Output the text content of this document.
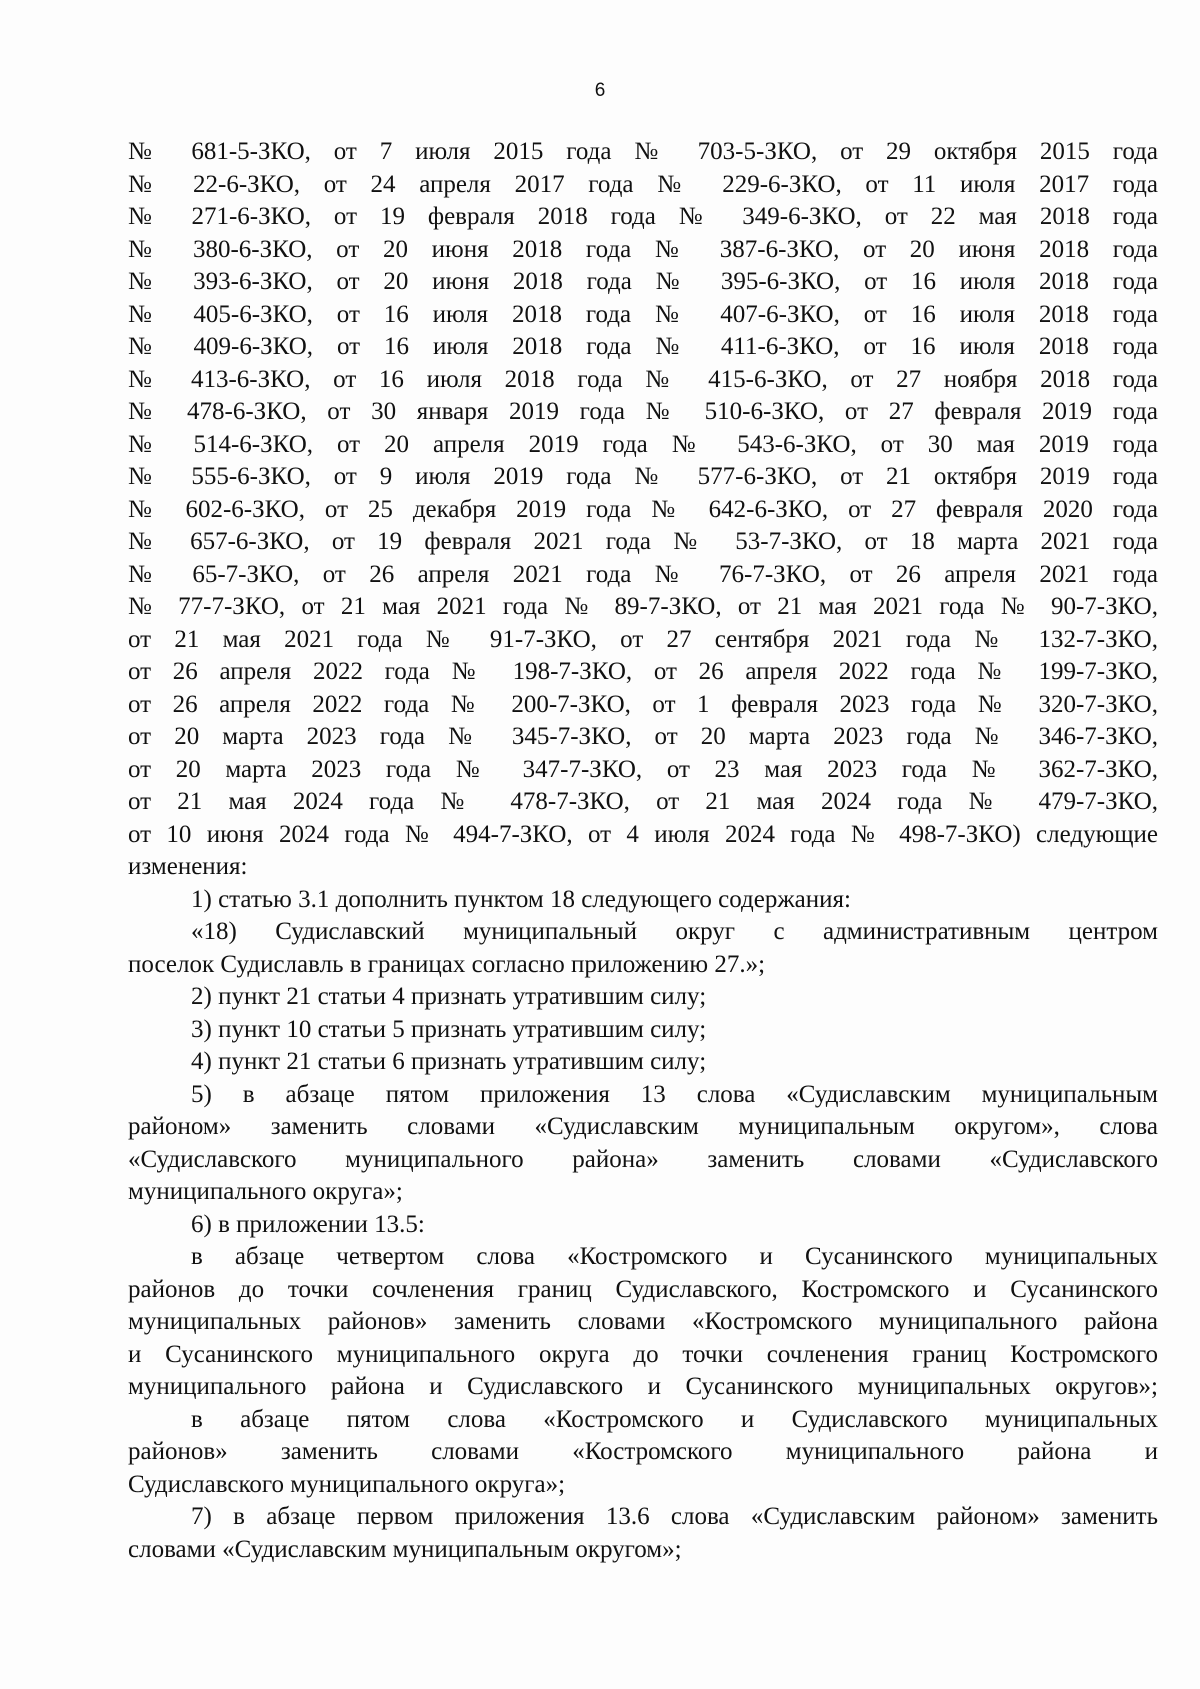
6
№ 681-5-ЗКО, от 7 июля 2015 года № 703-5-ЗКО, от 29 октября 2015 года
№ 22-6-ЗКО, от 24 апреля 2017 года № 229-6-ЗКО, от 11 июля 2017 года
№ 271-6-ЗКО, от 19 февраля 2018 года № 349-6-ЗКО, от 22 мая 2018 года
№ 380-6-ЗКО, от 20 июня 2018 года № 387-6-ЗКО, от 20 июня 2018 года
№ 393-6-ЗКО, от 20 июня 2018 года № 395-6-ЗКО, от 16 июля 2018 года
№ 405-6-ЗКО, от 16 июля 2018 года № 407-6-ЗКО, от 16 июля 2018 года
№ 409-6-ЗКО, от 16 июля 2018 года № 411-6-ЗКО, от 16 июля 2018 года
№ 413-6-ЗКО, от 16 июля 2018 года № 415-6-ЗКО, от 27 ноября 2018 года
№ 478-6-ЗКО, от 30 января 2019 года № 510-6-ЗКО, от 27 февраля 2019 года
№ 514-6-ЗКО, от 20 апреля 2019 года № 543-6-ЗКО, от 30 мая 2019 года
№ 555-6-ЗКО, от 9 июля 2019 года № 577-6-ЗКО, от 21 октября 2019 года
№ 602-6-ЗКО, от 25 декабря 2019 года № 642-6-ЗКО, от 27 февраля 2020 года
№ 657-6-ЗКО, от 19 февраля 2021 года № 53-7-ЗКО, от 18 марта 2021 года
№ 65-7-ЗКО, от 26 апреля 2021 года № 76-7-ЗКО, от 26 апреля 2021 года
№ 77-7-ЗКО, от 21 мая 2021 года № 89-7-ЗКО, от 21 мая 2021 года № 90-7-ЗКО,
от 21 мая 2021 года № 91-7-ЗКО, от 27 сентября 2021 года № 132-7-ЗКО,
от 26 апреля 2022 года № 198-7-ЗКО, от 26 апреля 2022 года № 199-7-ЗКО,
от 26 апреля 2022 года № 200-7-ЗКО, от 1 февраля 2023 года № 320-7-ЗКО,
от 20 марта 2023 года № 345-7-ЗКО, от 20 марта 2023 года № 346-7-ЗКО,
от 20 марта 2023 года № 347-7-ЗКО, от 23 мая 2023 года № 362-7-ЗКО,
от 21 мая 2024 года № 478-7-ЗКО, от 21 мая 2024 года № 479-7-ЗКО,
от 10 июня 2024 года № 494-7-ЗКО, от 4 июля 2024 года № 498-7-ЗКО) следующие
изменения:
1) статью 3.1 дополнить пунктом 18 следующего содержания:
«18) Судиславский муниципальный округ с административным центром
поселок Судиславль в границах согласно приложению 27.»;
2) пункт 21 статьи 4 признать утратившим силу;
3) пункт 10 статьи 5 признать утратившим силу;
4) пункт 21 статьи 6 признать утратившим силу;
5) в абзаце пятом приложения 13 слова «Судиславским муниципальным
районом» заменить словами «Судиславским муниципальным округом», слова
«Судиславского муниципального района» заменить словами «Судиславского
муниципального округа»;
6) в приложении 13.5:
в абзаце четвертом слова «Костромского и Сусанинского муниципальных
районов до точки сочленения границ Судиславского, Костромского и Сусанинского
муниципальных районов» заменить словами «Костромского муниципального района
и Сусанинского муниципального округа до точки сочленения границ Костромского
муниципального района и Судиславского и Сусанинского муниципальных округов»;
в абзаце пятом слова «Костромского и Судиславского муниципальных
районов» заменить словами «Костромского муниципального района и
Судиславского муниципального округа»;
7) в абзаце первом приложения 13.6 слова «Судиславским районом» заменить
словами «Судиславским муниципальным округом»;
